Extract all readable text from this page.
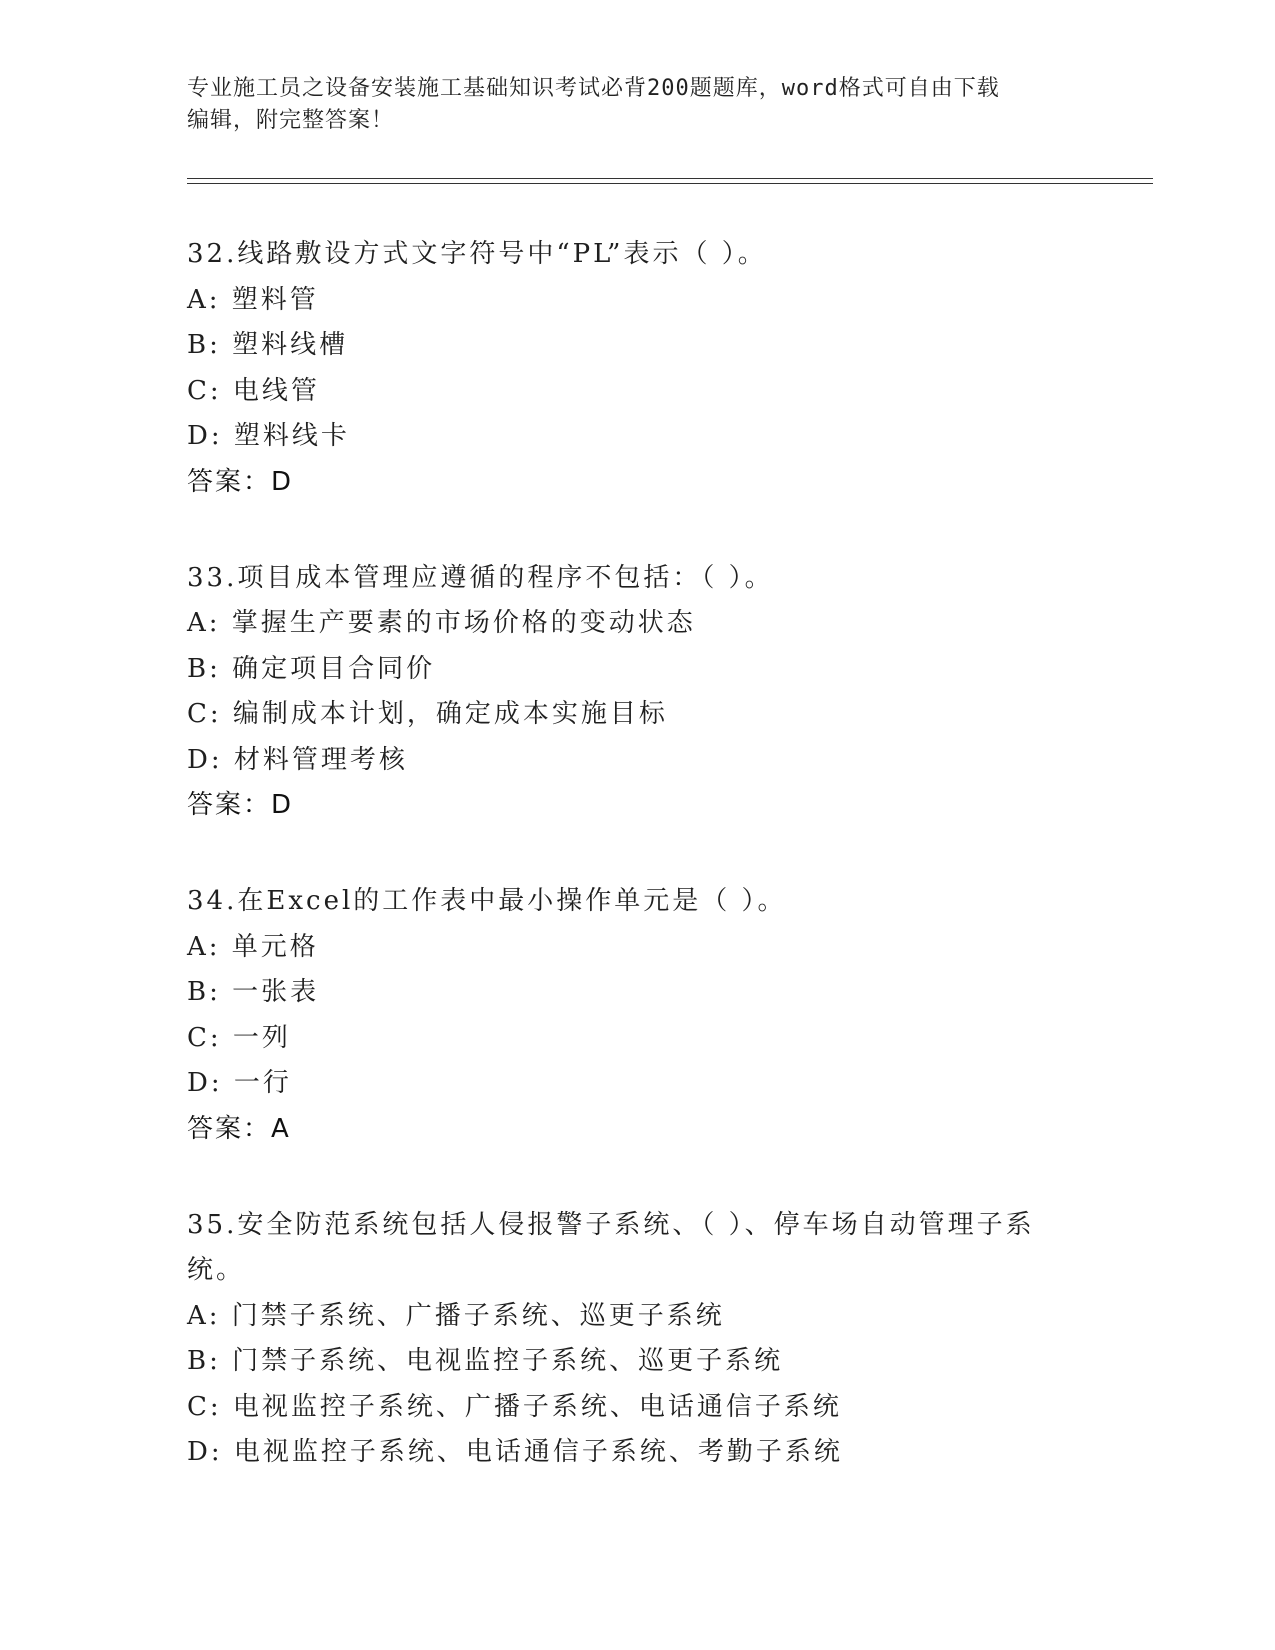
专业施工员之设备安装施工基础知识考试必背200题题库，word格式可自由下载
编辑，附完整答案！
32.线路敷设方式文字符号中“PL”表示（ ）。
A: 塑料管
B: 塑料线槽
C: 电线管
D: 塑料线卡
答案：D
33.项目成本管理应遵循的程序不包括：（ ）。
A: 掌握生产要素的市场价格的变动状态
B: 确定项目合同价
C: 编制成本计划，确定成本实施目标
D: 材料管理考核
答案：D
34.在Excel的工作表中最小操作单元是（ ）。
A: 单元格
B: 一张表
C: 一列
D: 一行
答案：A
35.安全防范系统包括人侵报警子系统、（ ）、停车场自动管理子系统。
A: 门禁子系统、广播子系统、巡更子系统
B: 门禁子系统、电视监控子系统、巡更子系统
C: 电视监控子系统、广播子系统、电话通信子系统
D: 电视监控子系统、电话通信子系统、考勤子系统
